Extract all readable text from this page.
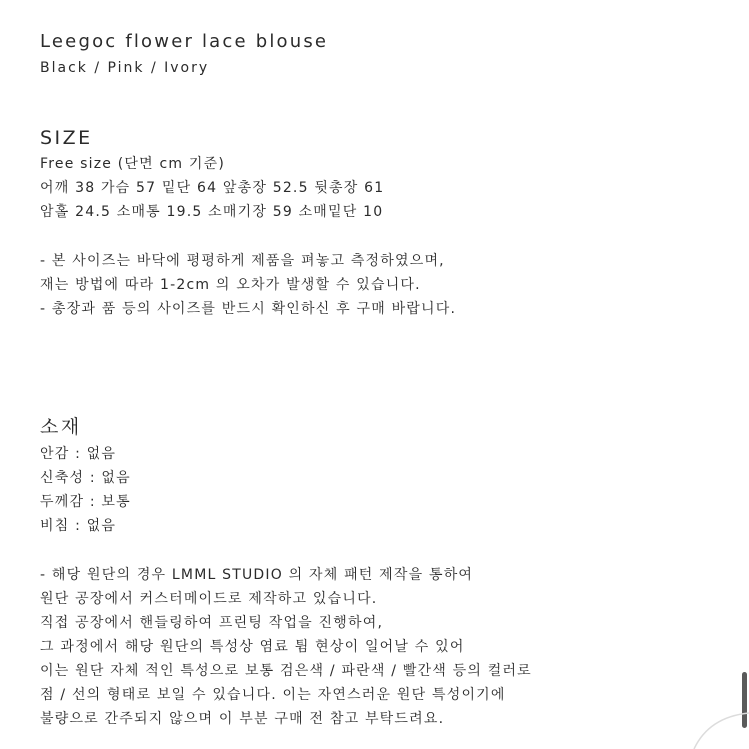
Leegoc flower lace blouse
Black / Pink / Ivory
SIZE
Free size (단면 cm 기준)
어깨 38 가슴 57 밑단 64 앞총장 52.5 뒷총장 61
암홀 24.5 소매통 19.5 소매기장 59 소매밑단 10
- 본 사이즈는 바닥에 평평하게 제품을 펴놓고 측정하였으며,
재는 방법에 따라 1-2cm 의 오차가 발생할 수 있습니다.
- 총장과 품 등의 사이즈를 반드시 확인하신 후 구매 바랍니다.
소재
안감 : 없음
신축성 : 없음
두께감 : 보통
비침 : 없음
- 해당 원단의 경우 LMML STUDIO 의 자체 패턴 제작을 통하여
원단 공장에서 커스터메이드로 제작하고 있습니다.
직접 공장에서 핸들링하여 프린팅 작업을 진행하여,
그 과정에서 해당 원단의 특성상 염료 튐 현상이 일어날 수 있어
이는 원단 자체 적인 특성으로 보통 검은색 / 파란색 / 빨간색 등의 컬러로
점 / 선의 형태로 보일 수 있습니다. 이는 자연스러운 원단 특성이기에
불량으로 간주되지 않으며 이 부분 구매 전 참고 부탁드려요.
